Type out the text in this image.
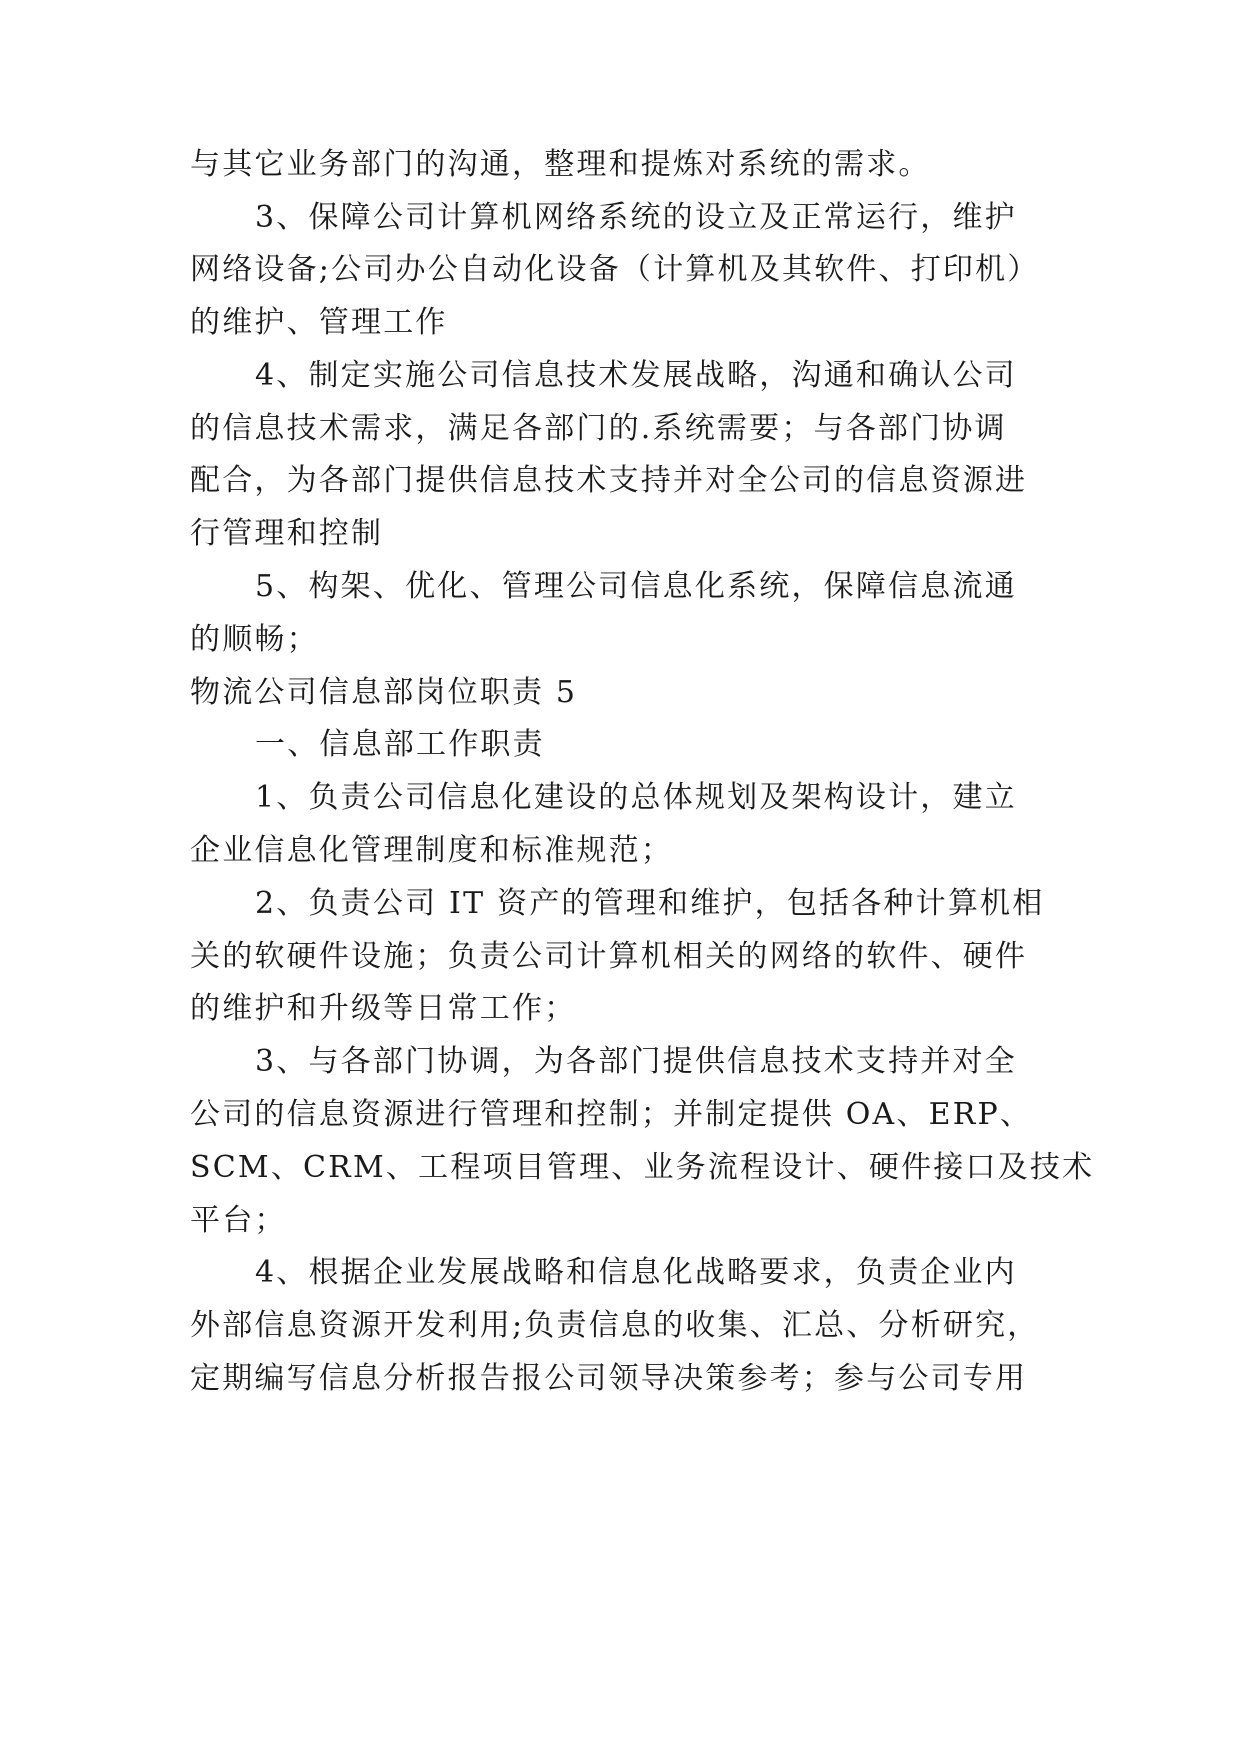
与其它业务部门的沟通，整理和提炼对系统的需求。
3、保障公司计算机网络系统的设立及正常运行，维护
网络设备;公司办公自动化设备（计算机及其软件、打印机）
的维护、管理工作
4、制定实施公司信息技术发展战略，沟通和确认公司
的信息技术需求，满足各部门的.系统需要；与各部门协调
配合，为各部门提供信息技术支持并对全公司的信息资源进
行管理和控制
5、构架、优化、管理公司信息化系统，保障信息流通
的顺畅；
物流公司信息部岗位职责 5
一、信息部工作职责
1、负责公司信息化建设的总体规划及架构设计，建立
企业信息化管理制度和标准规范；
2、负责公司 IT 资产的管理和维护，包括各种计算机相
关的软硬件设施；负责公司计算机相关的网络的软件、硬件
的维护和升级等日常工作；
3、与各部门协调，为各部门提供信息技术支持并对全
公司的信息资源进行管理和控制；并制定提供 OA、ERP、
SCM、CRM、工程项目管理、业务流程设计、硬件接口及技术
平台；
4、根据企业发展战略和信息化战略要求，负责企业内
外部信息资源开发利用;负责信息的收集、汇总、分析研究，
定期编写信息分析报告报公司领导决策参考；参与公司专用
